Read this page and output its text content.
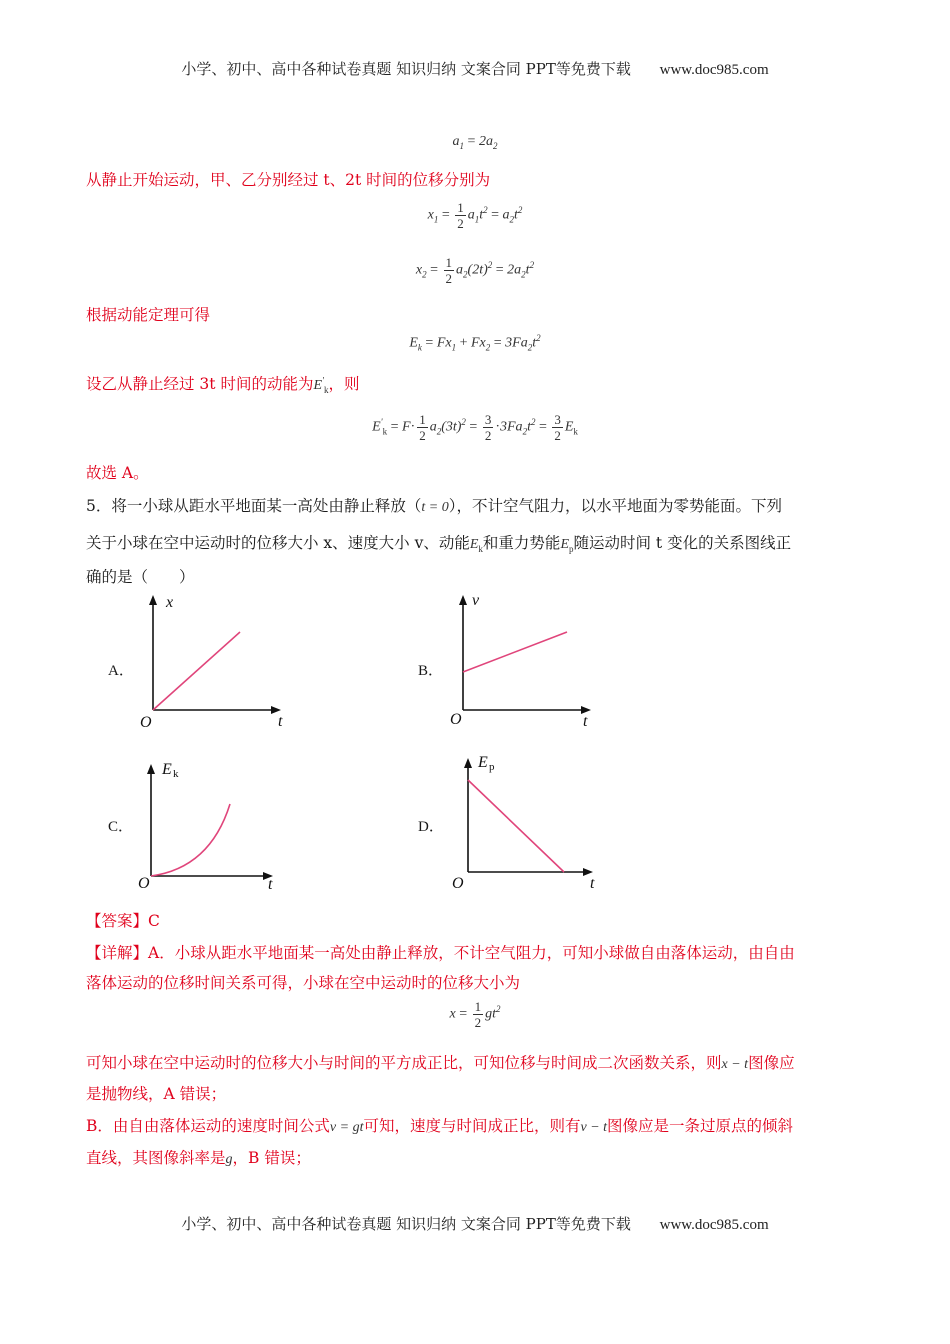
小学、初中、高中各种试卷真题 知识归纳 文案合同 PPT等免费下载 www.doc985.com
$a_1 = 2a_2$
从静止开始运动，甲、乙分别经过 t、2t 时间的位移分别为
$x_1 = \frac{1}{2} a_1t^2 = a_2t^2$
$x_2 = \frac{1}{2} a_2(2t)^2 = 2a_2t^2$
根据动能定理可得
$E_k = Fx_1 + Fx_2 = 3Fa_2t^2$
设乙从静止经过 3t 时间的动能为$E'_k$，则
$E'_k = F\cdot \frac{1}{2} a_2(3t)^2 = \frac{3}{2} \cdot 3Fa_2t^2 = \frac{3}{2} E_k$
故选 A。
5．将一小球从距水平地面某一高处由静止释放（t = 0），不计空气阻力，以水平地面为零势能面。下列
关于小球在空中运动时的位移大小 x、速度大小 v、动能$E_k$和重力势能$E_p$随运动时间 t 变化的关系图线正
确的是（　　）
A．
x
t
O
B．
v
t
O
C．
E k
t
O
D．
E p
t
O
【答案】C
【详解】A．小球从距水平地面某一高处由静止释放，不计空气阻力，可知小球做自由落体运动，由自由
落体运动的位移时间关系可得，小球在空中运动时的位移大小为
$x = \frac{1}{2} gt^2$
可知小球在空中运动时的位移大小与时间的平方成正比，可知位移与时间成二次函数关系，则x − t图像应
是抛物线，A 错误；
B．由自由落体运动的速度时间公式v = gt可知，速度与时间成正比，则有v − t图像应是一条过原点的倾斜
直线，其图像斜率是g，B 错误；
小学、初中、高中各种试卷真题 知识归纳 文案合同 PPT等免费下载 www.doc985.com
